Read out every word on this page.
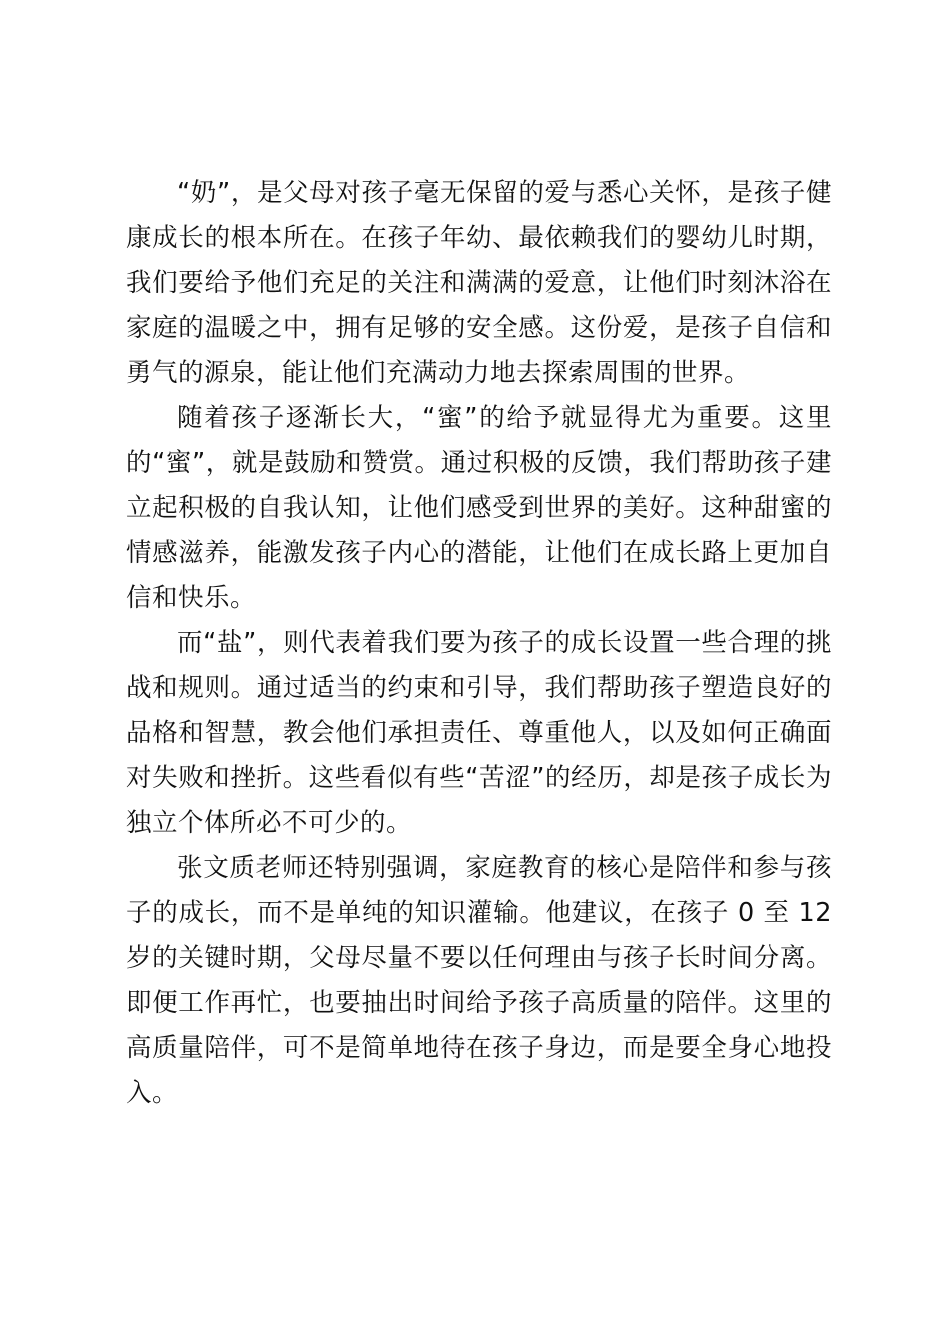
“奶”，是父母对孩子毫无保留的爱与悉心关怀，是孩子健康成长的根本所在。在孩子年幼、最依赖我们的婴幼儿时期，我们要给予他们充足的关注和满满的爱意，让他们时刻沐浴在家庭的温暖之中，拥有足够的安全感。这份爱，是孩子自信和勇气的源泉，能让他们充满动力地去探索周围的世界。

随着孩子逐渐长大，“蜜”的给予就显得尤为重要。这里的“蜜”，就是鼓励和赞赏。通过积极的反馈，我们帮助孩子建立起积极的自我认知，让他们感受到世界的美好。这种甜蜜的情感滋养，能激发孩子内心的潜能，让他们在成长路上更加自信和快乐。

而“盐”，则代表着我们要为孩子的成长设置一些合理的挑战和规则。通过适当的约束和引导，我们帮助孩子塑造良好的品格和智慧，教会他们承担责任、尊重他人，以及如何正确面对失败和挫折。这些看似有些“苦涩”的经历，却是孩子成长为独立个体所必不可少的。

张文质老师还特别强调，家庭教育的核心是陪伴和参与孩子的成长，而不是单纯的知识灌输。他建议，在孩子 0 至 12 岁的关键时期，父母尽量不要以任何理由与孩子长时间分离。即便工作再忙，也要抽出时间给予孩子高质量的陪伴。这里的高质量陪伴，可不是简单地待在孩子身边，而是要全身心地投入。
